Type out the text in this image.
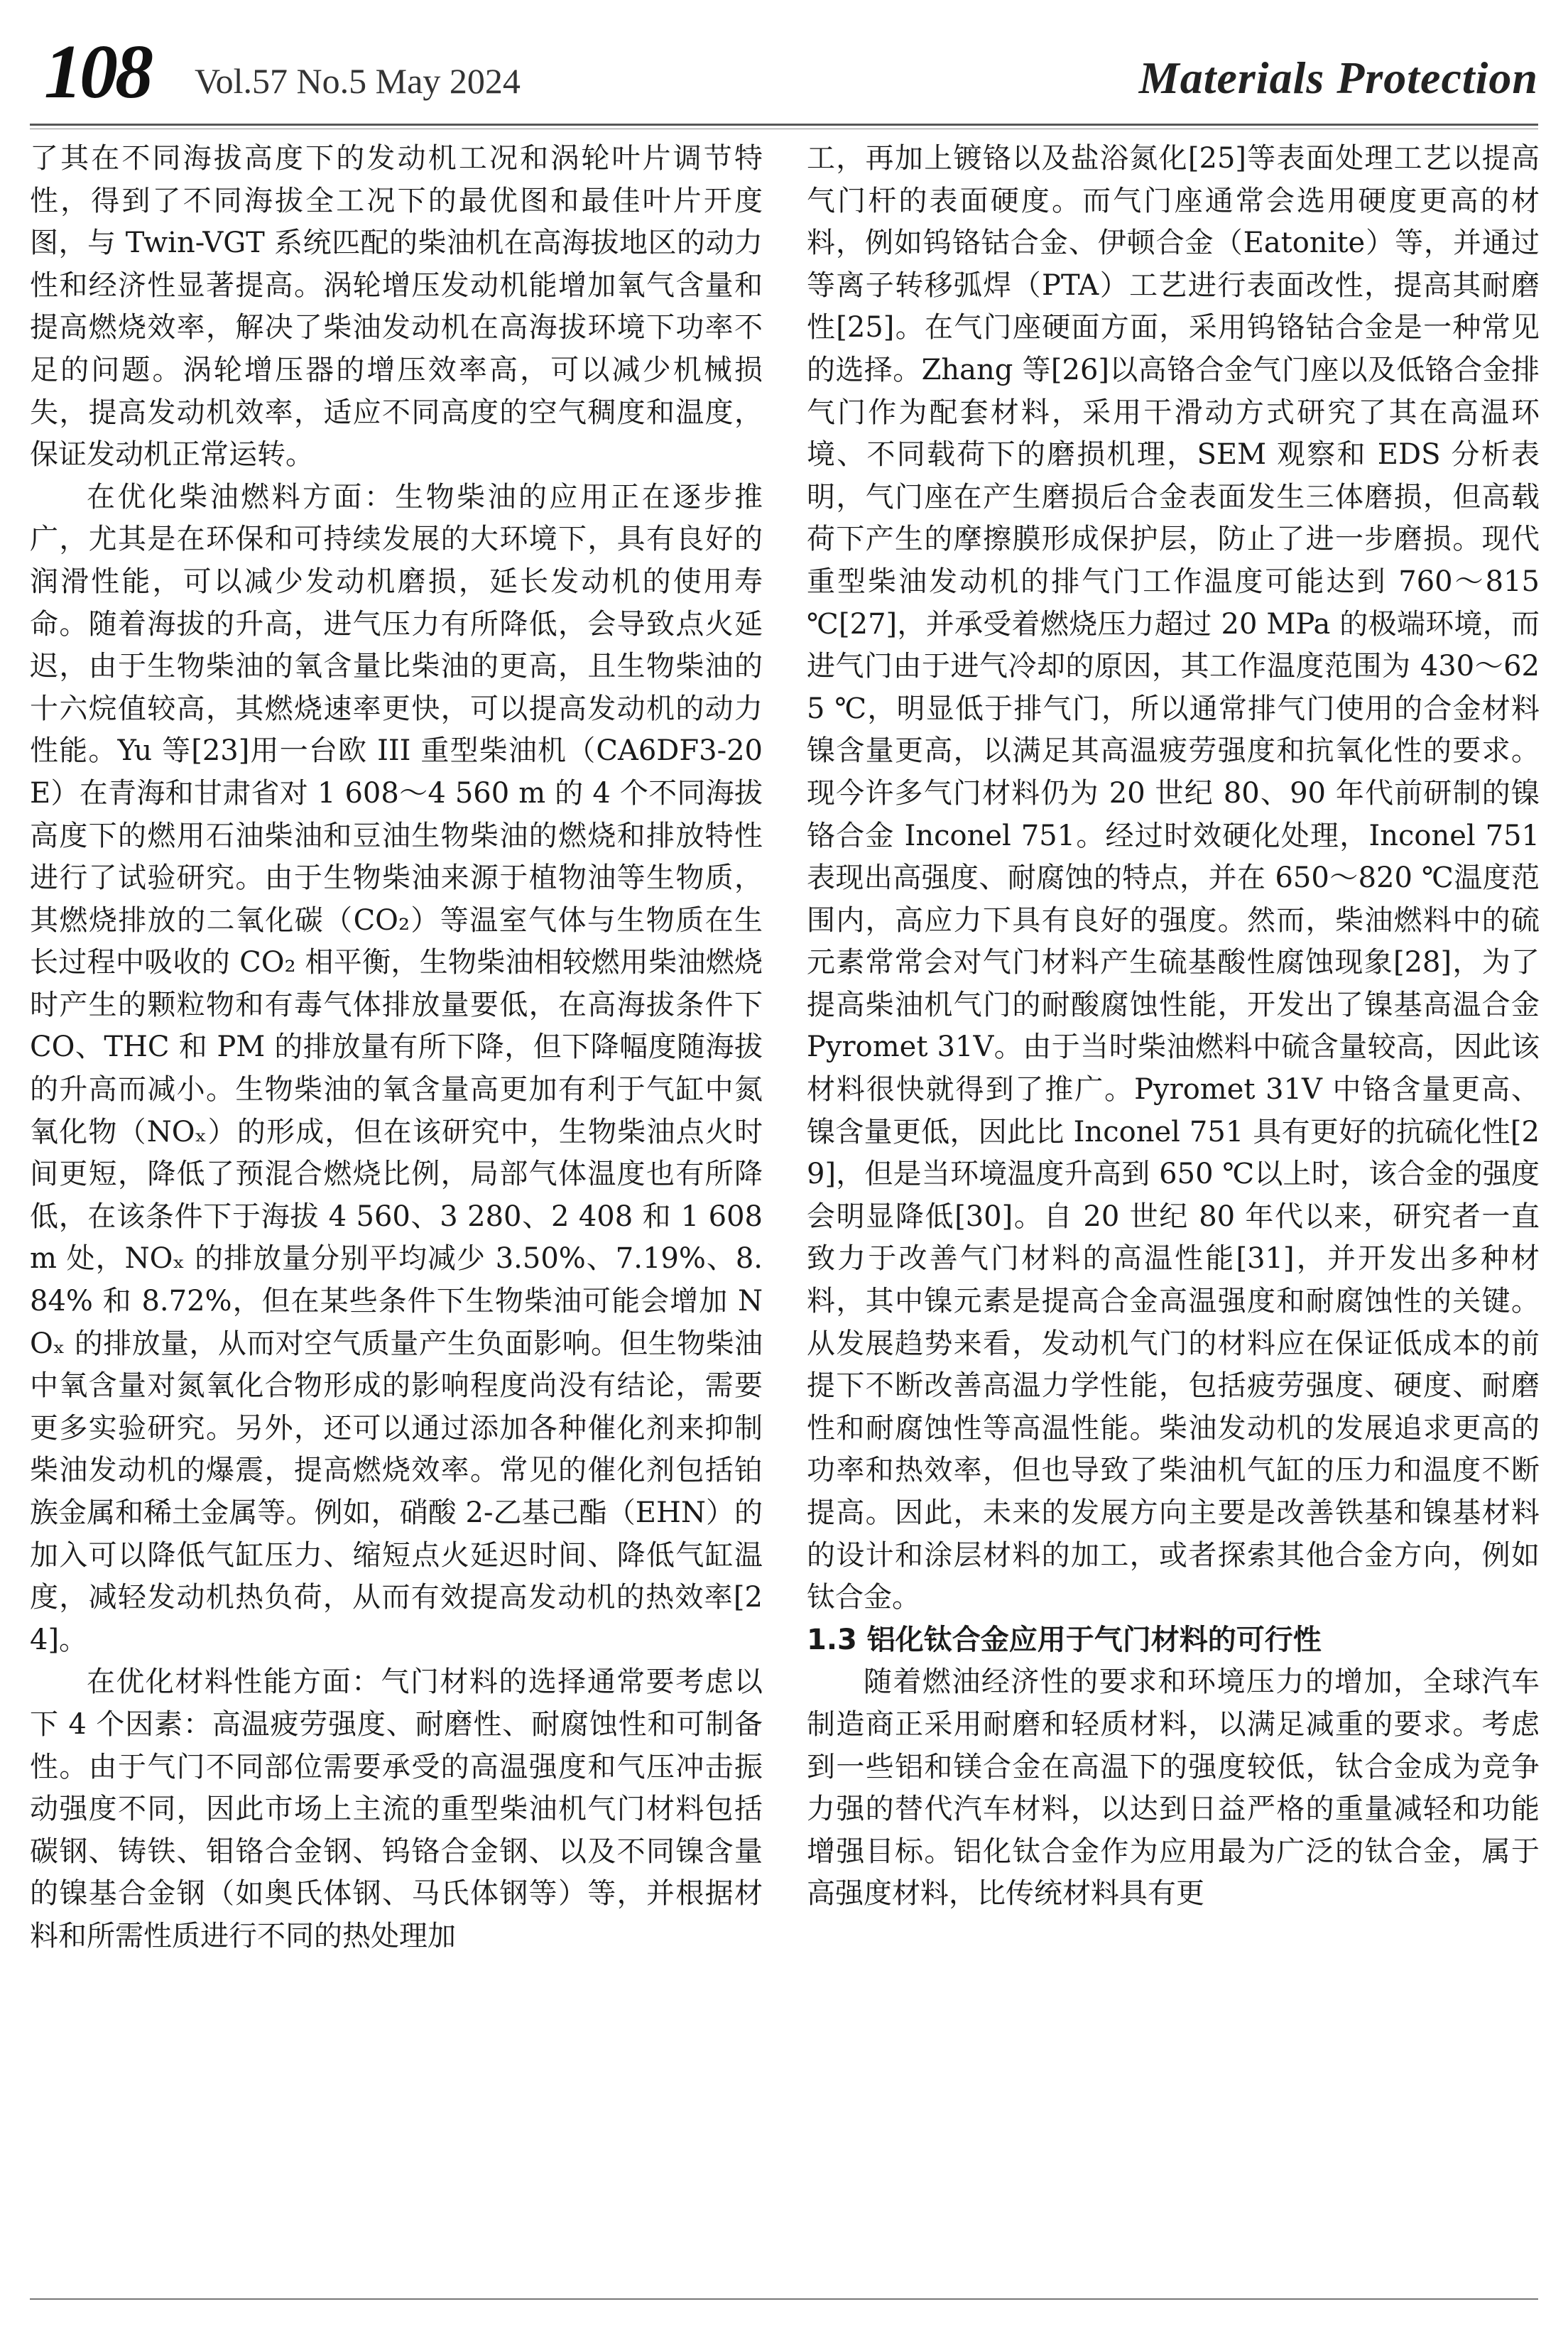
108 Vol.57 No.5 May 2024	Materials Protection

了其在不同海拔高度下的发动机工况和涡轮叶片调节特性，得到了不同海拔全工况下的最优图和最佳叶片开度图，与 Twin-VGT 系统匹配的柴油机在高海拔地区的动力性和经济性显著提高。涡轮增压发动机能增加氧气含量和提高燃烧效率，解决了柴油发动机在高海拔环境下功率不足的问题。涡轮增压器的增压效率高，可以减少机械损失，提高发动机效率，适应不同高度的空气稠度和温度，保证发动机正常运转。

在优化柴油燃料方面：生物柴油的应用正在逐步推广，尤其是在环保和可持续发展的大环境下，具有良好的润滑性能，可以减少发动机磨损，延长发动机的使用寿命。随着海拔的升高，进气压力有所降低，会导致点火延迟，由于生物柴油的氧含量比柴油的更高，且生物柴油的十六烷值较高，其燃烧速率更快，可以提高发动机的动力性能。Yu 等[23]用一台欧 III 重型柴油机（CA6DF3-20E）在青海和甘肃省对 1 608～4 560 m 的 4 个不同海拔高度下的燃用石油柴油和豆油生物柴油的燃烧和排放特性进行了试验研究。由于生物柴油来源于植物油等生物质，其燃烧排放的二氧化碳（CO₂）等温室气体与生物质在生长过程中吸收的 CO₂ 相平衡，生物柴油相较燃用柴油燃烧时产生的颗粒物和有毒气体排放量要低，在高海拔条件下 CO、THC 和 PM 的排放量有所下降，但下降幅度随海拔的升高而减小。生物柴油的氧含量高更加有利于气缸中氮氧化物（NOₓ）的形成，但在该研究中，生物柴油点火时间更短，降低了预混合燃烧比例，局部气体温度也有所降低，在该条件下于海拔 4 560、3 280、2 408 和 1 608 m 处，NOₓ 的排放量分别平均减少 3.50%、7.19%、8.84% 和 8.72%，但在某些条件下生物柴油可能会增加 NOₓ 的排放量，从而对空气质量产生负面影响。但生物柴油中氧含量对氮氧化合物形成的影响程度尚没有结论，需要更多实验研究。另外，还可以通过添加各种催化剂来抑制柴油发动机的爆震，提高燃烧效率。常见的催化剂包括铂族金属和稀土金属等。例如，硝酸 2-乙基己酯（EHN）的加入可以降低气缸压力、缩短点火延迟时间、降低气缸温度，减轻发动机热负荷，从而有效提高发动机的热效率[24]。

在优化材料性能方面：气门材料的选择通常要考虑以下 4 个因素：高温疲劳强度、耐磨性、耐腐蚀性和可制备性。由于气门不同部位需要承受的高温强度和气压冲击振动强度不同，因此市场上主流的重型柴油机气门材料包括碳钢、铸铁、钼铬合金钢、钨铬合金钢、以及不同镍含量的镍基合金钢（如奥氏体钢、马氏体钢等）等，并根据材料和所需性质进行不同的热处理加

工，再加上镀铬以及盐浴氮化[25]等表面处理工艺以提高气门杆的表面硬度。而气门座通常会选用硬度更高的材料，例如钨铬钴合金、伊顿合金（Eatonite）等，并通过等离子转移弧焊（PTA）工艺进行表面改性，提高其耐磨性[25]。在气门座硬面方面，采用钨铬钴合金是一种常见的选择。Zhang 等[26]以高铬合金气门座以及低铬合金排气门作为配套材料，采用干滑动方式研究了其在高温环境、不同载荷下的磨损机理，SEM 观察和 EDS 分析表明，气门座在产生磨损后合金表面发生三体磨损，但高载荷下产生的摩擦膜形成保护层，防止了进一步磨损。现代重型柴油发动机的排气门工作温度可能达到 760～815 ℃[27]，并承受着燃烧压力超过 20 MPa 的极端环境，而进气门由于进气冷却的原因，其工作温度范围为 430～625 ℃，明显低于排气门，所以通常排气门使用的合金材料镍含量更高，以满足其高温疲劳强度和抗氧化性的要求。现今许多气门材料仍为 20 世纪 80、90 年代前研制的镍铬合金 Inconel 751。经过时效硬化处理，Inconel 751 表现出高强度、耐腐蚀的特点，并在 650～820 ℃温度范围内，高应力下具有良好的强度。然而，柴油燃料中的硫元素常常会对气门材料产生硫基酸性腐蚀现象[28]，为了提高柴油机气门的耐酸腐蚀性能，开发出了镍基高温合金 Pyromet 31V。由于当时柴油燃料中硫含量较高，因此该材料很快就得到了推广。Pyromet 31V 中铬含量更高、镍含量更低，因此比 Inconel 751 具有更好的抗硫化性[29]，但是当环境温度升高到 650 ℃以上时，该合金的强度会明显降低[30]。自 20 世纪 80 年代以来，研究者一直致力于改善气门材料的高温性能[31]，并开发出多种材料，其中镍元素是提高合金高温强度和耐腐蚀性的关键。从发展趋势来看，发动机气门的材料应在保证低成本的前提下不断改善高温力学性能，包括疲劳强度、硬度、耐磨性和耐腐蚀性等高温性能。柴油发动机的发展追求更高的功率和热效率，但也导致了柴油机气缸的压力和温度不断提高。因此，未来的发展方向主要是改善铁基和镍基材料的设计和涂层材料的加工，或者探索其他合金方向，例如钛合金。

1.3 铝化钛合金应用于气门材料的可行性

随着燃油经济性的要求和环境压力的增加，全球汽车制造商正采用耐磨和轻质材料，以满足减重的要求。考虑到一些铝和镁合金在高温下的强度较低，钛合金成为竞争力强的替代汽车材料，以达到日益严格的重量减轻和功能增强目标。铝化钛合金作为应用最为广泛的钛合金，属于高强度材料，比传统材料具有更
